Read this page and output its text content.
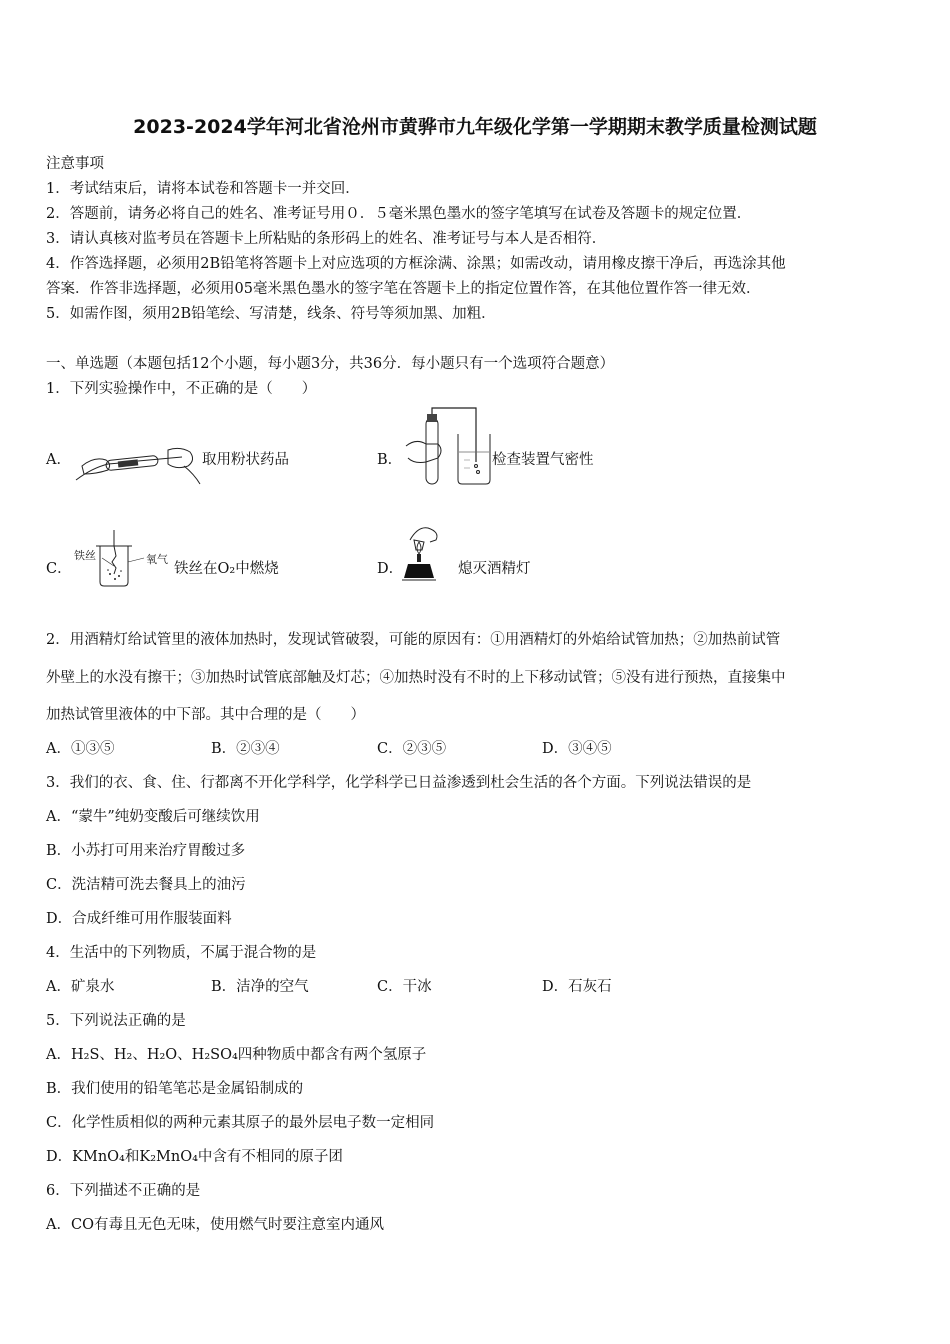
2023-2024学年河北省沧州市黄骅市九年级化学第一学期期末教学质量检测试题
注意事项
1．考试结束后，请将本试卷和答题卡一并交回．
2．答题前，请务必将自己的姓名、准考证号用０．５毫米黑色墨水的签字笔填写在试卷及答题卡的规定位置．
3．请认真核对监考员在答题卡上所粘贴的条形码上的姓名、准考证号与本人是否相符．
4．作答选择题，必须用2B铅笔将答题卡上对应选项的方框涂满、涂黑；如需改动，请用橡皮擦干净后，再选涂其他
答案．作答非选择题，必须用05毫米黑色墨水的签字笔在答题卡上的指定位置作答，在其他位置作答一律无效．
5．如需作图，须用2B铅笔绘、写清楚，线条、符号等须加黑、加粗．
一、单选题（本题包括12个小题，每小题3分，共36分．每小题只有一个选项符合题意）
1．下列实验操作中，不正确的是（　　）
A．	取用粉状药品	B．	检查装置气密性
C．
铁丝	氧气
铁丝在O₂中燃烧	D．	熄灭酒精灯
2．用酒精灯给试管里的液体加热时，发现试管破裂，可能的原因有：①用酒精灯的外焰给试管加热；②加热前试管
外壁上的水没有擦干；③加热时试管底部触及灯芯；④加热时没有不时的上下移动试管；⑤没有进行预热，直接集中
加热试管里液体的中下部。其中合理的是（　　）
A．①③⑤	B．②③④	C．②③⑤	D．③④⑤
3．我们的衣、食、住、行都离不开化学科学，化学科学已日益渗透到杜会生活的各个方面。下列说法错误的是
A．“蒙牛”纯奶变酸后可继续饮用
B．小苏打可用来治疗胃酸过多
C．洗洁精可洗去餐具上的油污
D．合成纤维可用作服装面料
4．生活中的下列物质，不属于混合物的是
A．矿泉水	B．洁净的空气	C．干冰	D．石灰石
5．下列说法正确的是
A．H₂S、H₂、H₂O、H₂SO₄四种物质中都含有两个氢原子
B．我们使用的铅笔笔芯是金属铅制成的
C．化学性质相似的两种元素其原子的最外层电子数一定相同
D．KMnO₄和K₂MnO₄中含有不相同的原子团
6．下列描述不正确的是
A．CO有毒且无色无味，使用燃气时要注意室内通风
